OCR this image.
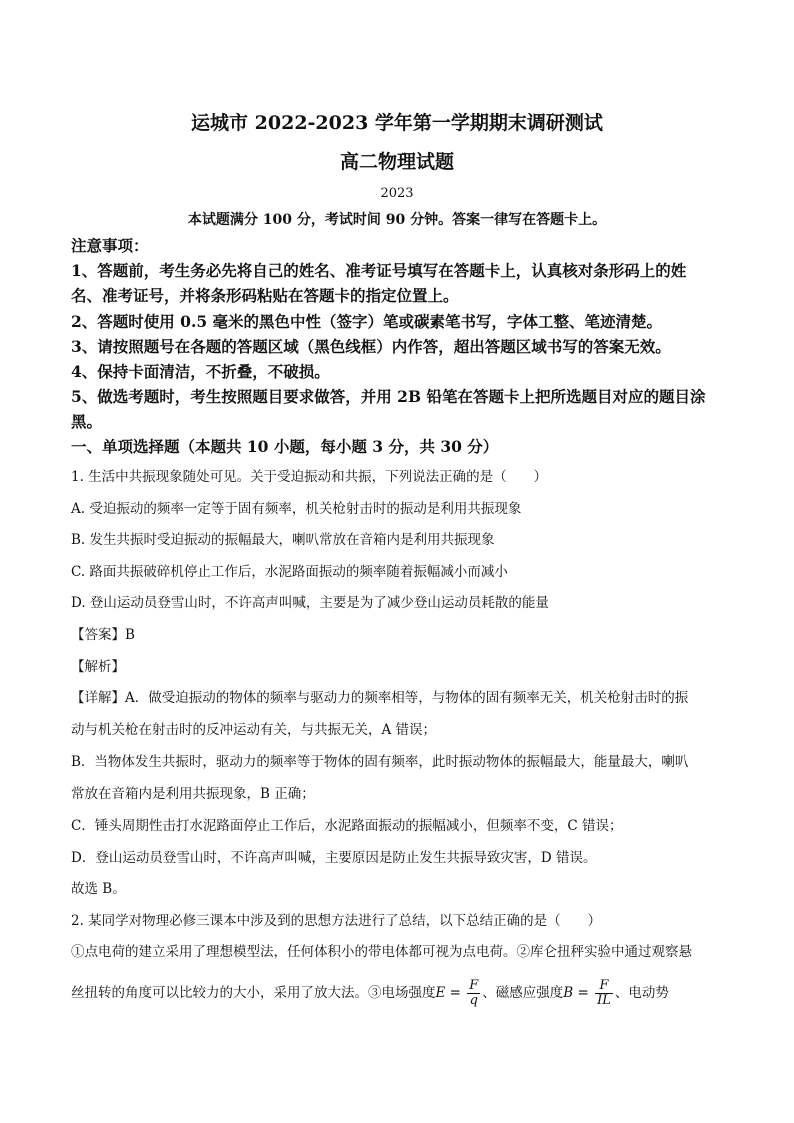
运城市 2022-2023 学年第一学期期末调研测试
高二物理试题
2023
本试题满分 100 分，考试时间 90 分钟。答案一律写在答题卡上。
注意事项：
1、答题前，考生务必先将自己的姓名、准考证号填写在答题卡上，认真核对条形码上的姓
名、准考证号，并将条形码粘贴在答题卡的指定位置上。
2、答题时使用 0.5 毫米的黑色中性（签字）笔或碳素笔书写，字体工整、笔迹清楚。
3、请按照题号在各题的答题区域（黑色线框）内作答，超出答题区域书写的答案无效。
4、保持卡面清洁，不折叠，不破损。
5、做选考题时，考生按照题目要求做答，并用 2B 铅笔在答题卡上把所选题目对应的题目涂
黑。
一、单项选择题（本题共 10 小题，每小题 3 分，共 30 分）
1. 生活中共振现象随处可见。关于受迫振动和共振，下列说法正确的是（　　）
A. 受迫振动的频率一定等于固有频率，机关枪射击时的振动是利用共振现象
B. 发生共振时受迫振动的振幅最大，喇叭常放在音箱内是利用共振现象
C. 路面共振破碎机停止工作后，水泥路面振动的频率随着振幅减小而减小
D. 登山运动员登雪山时，不许高声叫喊，主要是为了减少登山运动员耗散的能量
【答案】B
【解析】
【详解】A．做受迫振动的物体的频率与驱动力的频率相等，与物体的固有频率无关，机关枪射击时的振
动与机关枪在射击时的反冲运动有关，与共振无关，A 错误；
B．当物体发生共振时，驱动力的频率等于物体的固有频率，此时振动物体的振幅最大，能量最大，喇叭
常放在音箱内是利用共振现象，B 正确；
C．锤头周期性击打水泥路面停止工作后，水泥路面振动的振幅减小，但频率不变，C 错误；
D．登山运动员登雪山时，不许高声叫喊，主要原因是防止发生共振导致灾害，D 错误。
故选 B。
2. 某同学对物理必修三课本中涉及到的思想方法进行了总结，以下总结正确的是（　　）
①点电荷的建立采用了理想模型法，任何体积小的带电体都可视为点电荷。②库仑扭秤实验中通过观察悬
丝扭转的角度可以比较力的大小，采用了放大法。③电场强度$E = \frac{F}{q}$ 、磁感应强度$B = \frac{F}{IL}$ 、电动势
